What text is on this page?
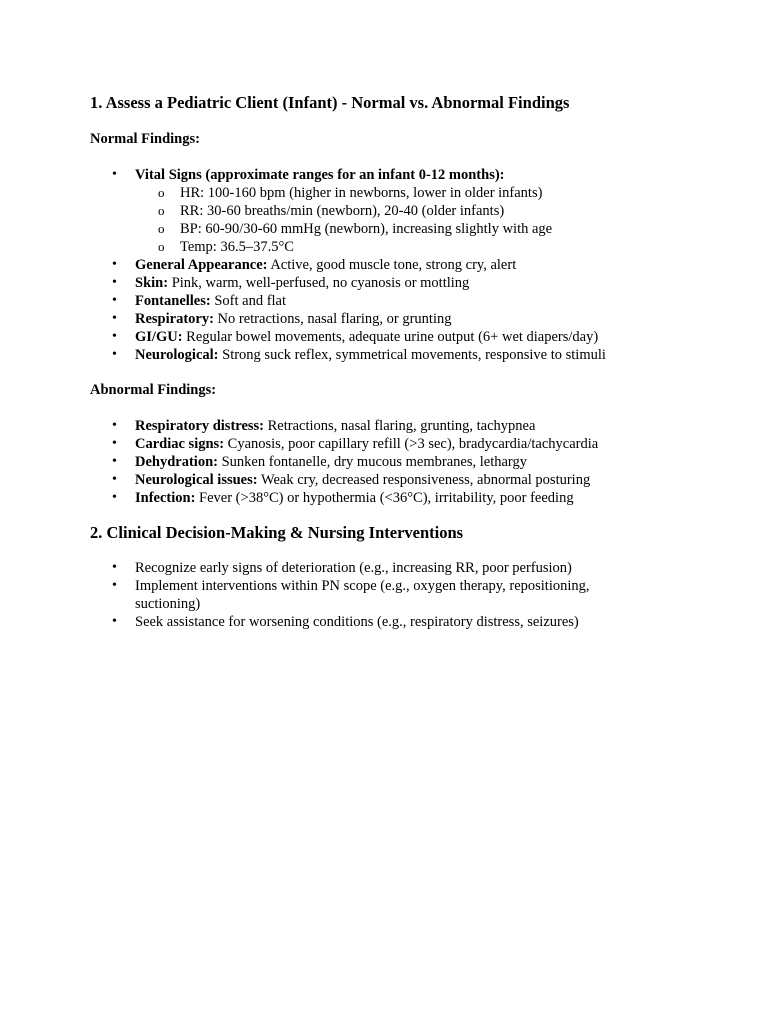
1. Assess a Pediatric Client (Infant) - Normal vs. Abnormal Findings

Normal Findings:

• Vital Signs (approximate ranges for an infant 0-12 months):
o HR: 100-160 bpm (higher in newborns, lower in older infants)
o RR: 30-60 breaths/min (newborn), 20-40 (older infants)
o BP: 60-90/30-60 mmHg (newborn), increasing slightly with age
o Temp: 36.5–37.5°C
• General Appearance: Active, good muscle tone, strong cry, alert
• Skin: Pink, warm, well-perfused, no cyanosis or mottling
• Fontanelles: Soft and flat
• Respiratory: No retractions, nasal flaring, or grunting
• GI/GU: Regular bowel movements, adequate urine output (6+ wet diapers/day)
• Neurological: Strong suck reflex, symmetrical movements, responsive to stimuli

Abnormal Findings:

• Respiratory distress: Retractions, nasal flaring, grunting, tachypnea
• Cardiac signs: Cyanosis, poor capillary refill (>3 sec), bradycardia/tachycardia
• Dehydration: Sunken fontanelle, dry mucous membranes, lethargy
• Neurological issues: Weak cry, decreased responsiveness, abnormal posturing
• Infection: Fever (>38°C) or hypothermia (<36°C), irritability, poor feeding
2. Clinical Decision-Making & Nursing Interventions
• Recognize early signs of deterioration (e.g., increasing RR, poor perfusion)
• Implement interventions within PN scope (e.g., oxygen therapy, repositioning, suctioning)
• Seek assistance for worsening conditions (e.g., respiratory distress, seizures)
